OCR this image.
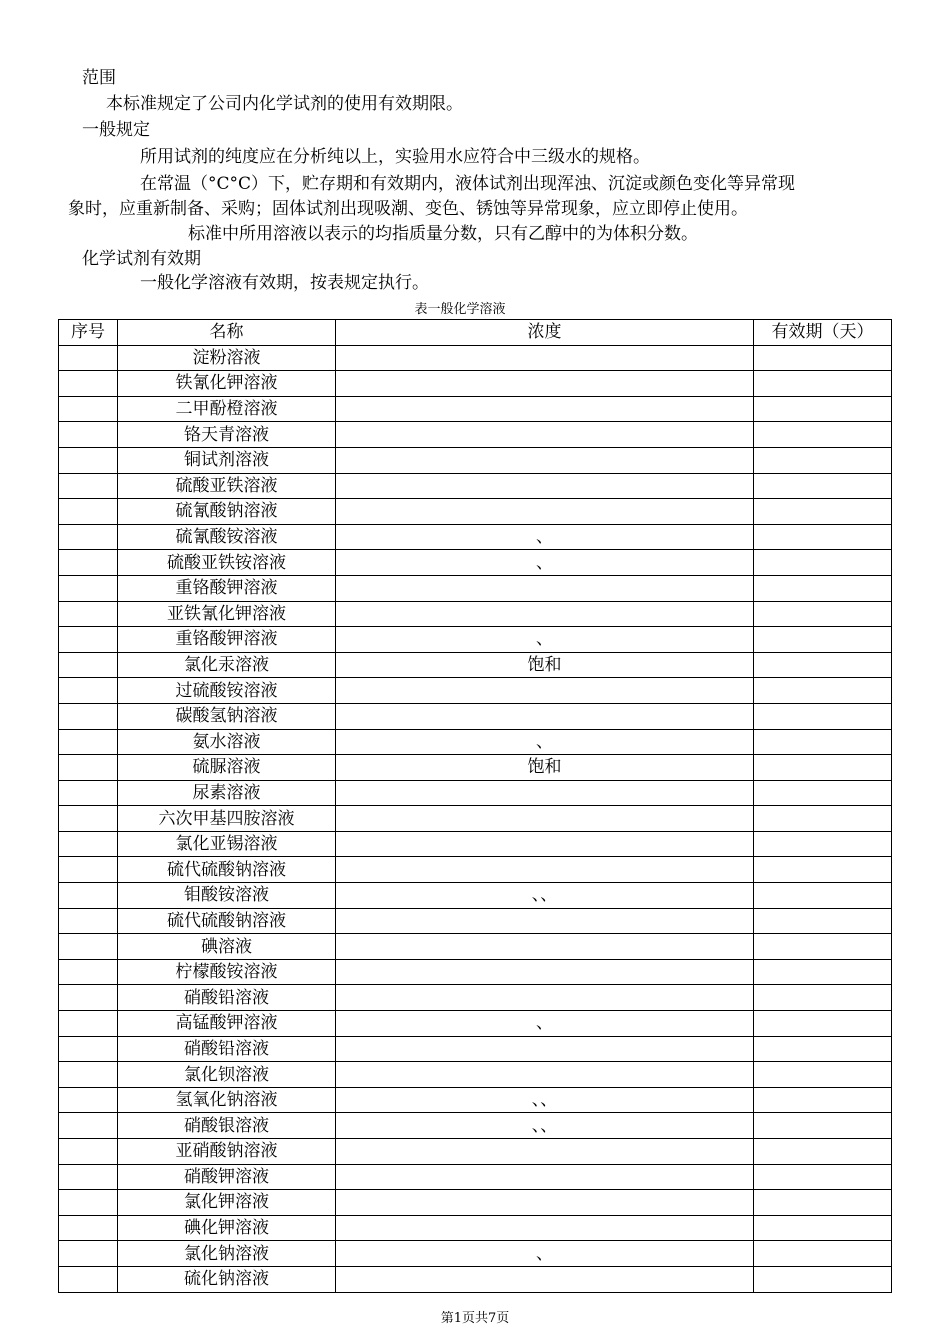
范围
本标准规定了公司内化学试剂的使用有效期限。
一般规定
所用试剂的纯度应在分析纯以上，实验用水应符合中三级水的规格。
在常温（°C°C）下，贮存期和有效期内，液体试剂出现浑浊、沉淀或颜色变化等异常现
象时，应重新制备、采购；固体试剂出现吸潮、变色、锈蚀等异常现象，应立即停止使用。
标准中所用溶液以表示的均指质量分数，只有乙醇中的为体积分数。
化学试剂有效期
一般化学溶液有效期，按表规定执行。
表一般化学溶液
序号	名称	浓度	有效期（天）
	淀粉溶液		
	铁氰化钾溶液		
	二甲酚橙溶液		
	铬天青溶液		
	铜试剂溶液		
	硫酸亚铁溶液		
	硫氰酸钠溶液		
	硫氰酸铵溶液	、	
	硫酸亚铁铵溶液	、	
	重铬酸钾溶液		
	亚铁氰化钾溶液		
	重铬酸钾溶液	、	
	氯化汞溶液	饱和	
	过硫酸铵溶液		
	碳酸氢钠溶液		
	氨水溶液	、	
	硫脲溶液	饱和	
	尿素溶液		
	六次甲基四胺溶液		
	氯化亚锡溶液		
	硫代硫酸钠溶液		
	钼酸铵溶液	、、	
	硫代硫酸钠溶液		
	碘溶液		
	柠檬酸铵溶液		
	硝酸铅溶液		
	高锰酸钾溶液	、	
	硝酸铅溶液		
	氯化钡溶液		
	氢氧化钠溶液	、、	
	硝酸银溶液	、、	
	亚硝酸钠溶液		
	硝酸钾溶液		
	氯化钾溶液		
	碘化钾溶液		
	氯化钠溶液	、	
	硫化钠溶液		
第1页共7页
